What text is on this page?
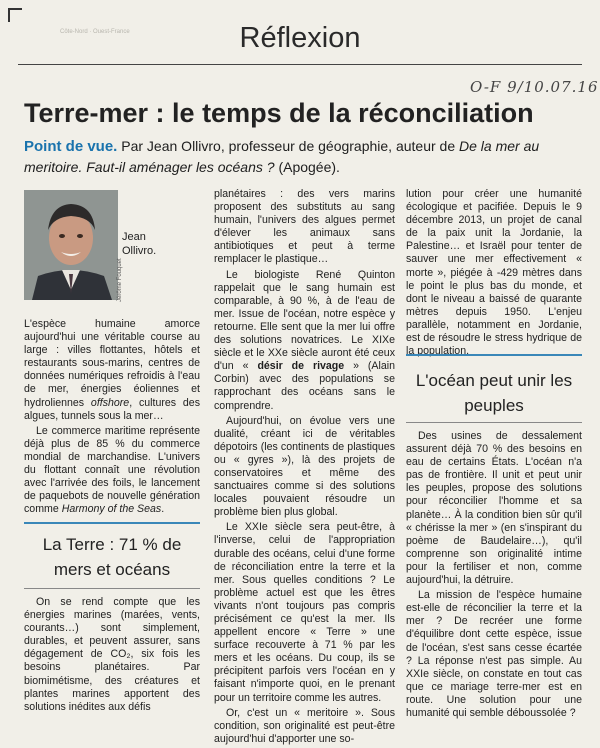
Côte-Nord · Ouest-France	Réflexion
O-F 9/10.07.16
Terre-mer : le temps de la réconciliation
Point de vue. Par Jean Ollivro, professeur de géographie, auteur de De la mer au meritoire. Faut-il aménager les océans ? (Apogée).
Jean
Ollivro.
Jérôme Fouquet

L'espèce humaine amorce aujourd'hui une véritable course au large : villes flottantes, hôtels et restaurants sous-marins, centres de données numériques refroidis à l'eau de mer, énergies éoliennes et hydroliennes offshore, cultures des algues, tunnels sous la mer…

Le commerce maritime représente déjà plus de 85 % du commerce mondial de marchandise. L'univers du flottant connaît une révolution avec l'arrivée des foils, le lancement de paquebots de nouvelle génération comme Harmony of the Seas.

La Terre : 71 % de mers et océans

On se rend compte que les énergies marines (marées, vents, courants…) sont simplement, durables, et peuvent assurer, sans dégagement de CO₂, six fois les besoins planétaires. Par biomimétisme, des créatures et plantes marines apportent des solutions inédites aux défis

planétaires : des vers marins proposent des substituts au sang humain, l'univers des algues permet d'élever les animaux sans antibiotiques et peut à terme remplacer le plastique…

Le biologiste René Quinton rappelait que le sang humain est comparable, à 90 %, à de l'eau de mer. Issue de l'océan, notre espèce y retourne. Elle sent que la mer lui offre des solutions novatrices. Le XIXe siècle et le XXe siècle auront été ceux d'un « désir de rivage » (Alain Corbin) avec des populations se rapprochant des océans sans le comprendre.

Aujourd'hui, on évolue vers une dualité, créant ici de véritables dépotoirs (les continents de plastiques ou « gyres »), là des projets de conservatoires et même des sanctuaires comme si des solutions locales pouvaient résoudre un problème bien plus global.

Le XXIe siècle sera peut-être, à l'inverse, celui de l'appropriation durable des océans, celui d'une forme de réconciliation entre la terre et la mer. Sous quelles conditions ? Le problème actuel est que les êtres vivants n'ont toujours pas compris précisément ce qu'est la mer. Ils appellent encore « Terre » une surface recouverte à 71 % par les mers et les océans. Du coup, ils se précipitent parfois vers l'océan en y faisant n'importe quoi, en le prenant pour un territoire comme les autres.

Or, c'est un « meritoire ». Sous condition, son originalité est peut-être aujourd'hui d'apporter une so-

lution pour créer une humanité écologique et pacifiée. Depuis le 9 décembre 2013, un projet de canal de la paix unit la Jordanie, la Palestine… et Israël pour tenter de sauver une mer effectivement « morte », piégée à -429 mètres dans le point le plus bas du monde, et dont le niveau a baissé de quarante mètres depuis 1950. L'enjeu parallèle, notamment en Jordanie, est de résoudre le stress hydrique de la population.

L'océan peut unir les peuples

Des usines de dessalement assurent déjà 70 % des besoins en eau de certains États. L'océan n'a pas de frontière. Il unit et peut unir les peuples, propose des solutions pour réconcilier l'homme et sa planète… À la condition bien sûr qu'il « chérisse la mer » (en s'inspirant du poème de Baudelaire…), qu'il comprenne son originalité intime pour la fertiliser et non, comme aujourd'hui, la détruire.

La mission de l'espèce humaine est-elle de réconcilier la terre et la mer ? De recréer une forme d'équilibre dont cette espèce, issue de l'océan, s'est sans cesse écartée ? La réponse n'est pas simple. Au XXIe siècle, on constate en tout cas que ce mariage terre-mer est en route. Une solution pour une humanité qui semble déboussolée ?
